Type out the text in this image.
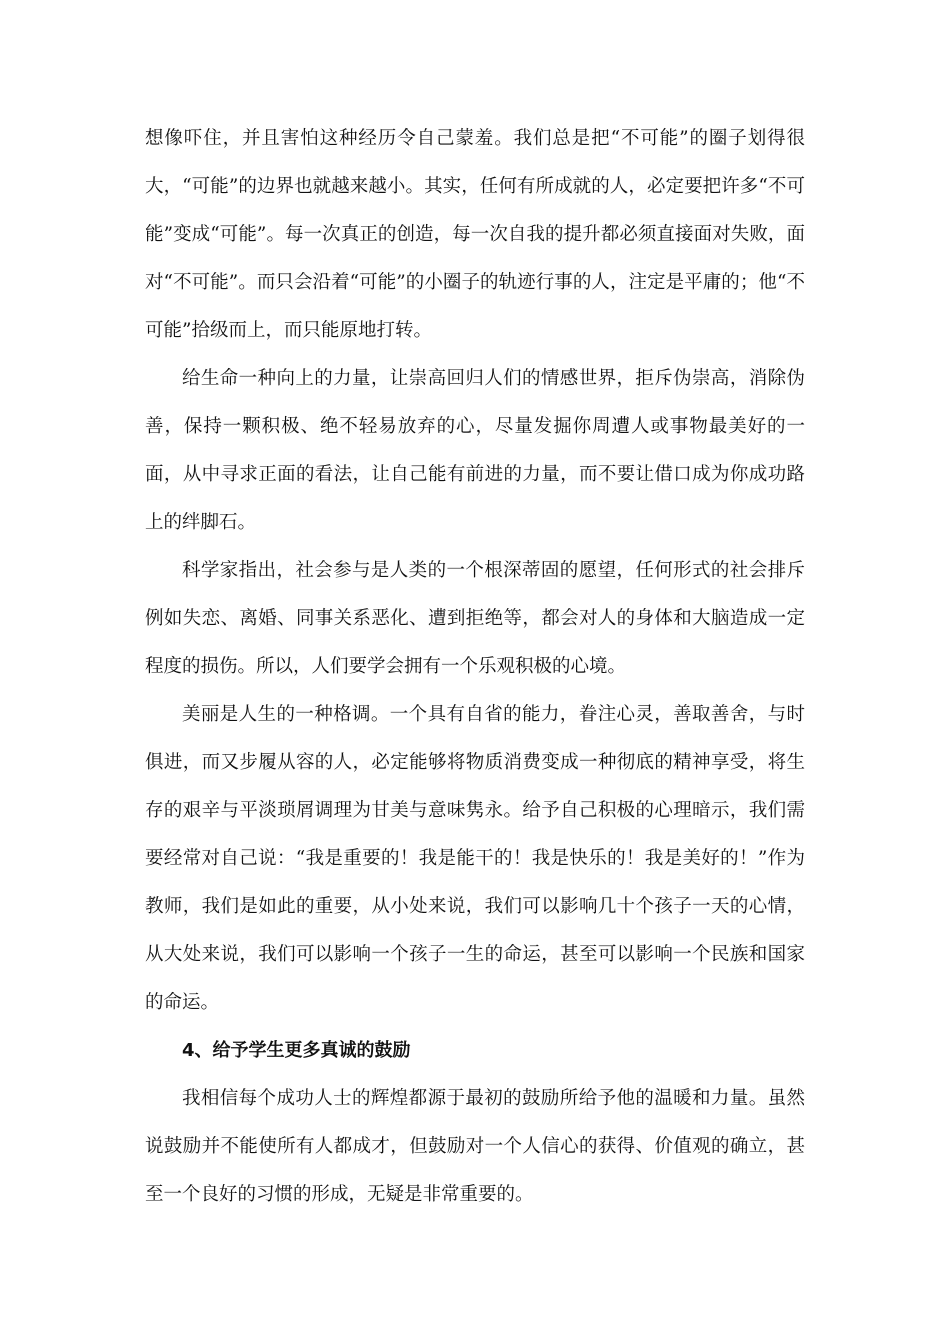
想像吓住，并且害怕这种经历令自己蒙羞。我们总是把“不可能”的圈子划得很大，“可能”的边界也就越来越小。其实，任何有所成就的人，必定要把许多“不可能”变成“可能”。每一次真正的创造，每一次自我的提升都必须直接面对失败，面对“不可能”。而只会沿着“可能”的小圈子的轨迹行事的人，注定是平庸的；他“不可能”拾级而上，而只能原地打转。

给生命一种向上的力量，让崇高回归人们的情感世界，拒斥伪崇高，消除伪善，保持一颗积极、绝不轻易放弃的心，尽量发掘你周遭人或事物最美好的一面，从中寻求正面的看法，让自己能有前进的力量，而不要让借口成为你成功路上的绊脚石。

科学家指出，社会参与是人类的一个根深蒂固的愿望，任何形式的社会排斥例如失恋、离婚、同事关系恶化、遭到拒绝等，都会对人的身体和大脑造成一定程度的损伤。所以，人们要学会拥有一个乐观积极的心境。

美丽是人生的一种格调。一个具有自省的能力，眷注心灵，善取善舍，与时俱进，而又步履从容的人，必定能够将物质消费变成一种彻底的精神享受，将生存的艰辛与平淡琐屑调理为甘美与意味隽永。给予自己积极的心理暗示，我们需要经常对自己说：“我是重要的！我是能干的！我是快乐的！我是美好的！”作为教师，我们是如此的重要，从小处来说，我们可以影响几十个孩子一天的心情，从大处来说，我们可以影响一个孩子一生的命运，甚至可以影响一个民族和国家的命运。

4、给予学生更多真诚的鼓励

我相信每个成功人士的辉煌都源于最初的鼓励所给予他的温暖和力量。虽然说鼓励并不能使所有人都成才，但鼓励对一个人信心的获得、价值观的确立，甚至一个良好的习惯的形成，无疑是非常重要的。
